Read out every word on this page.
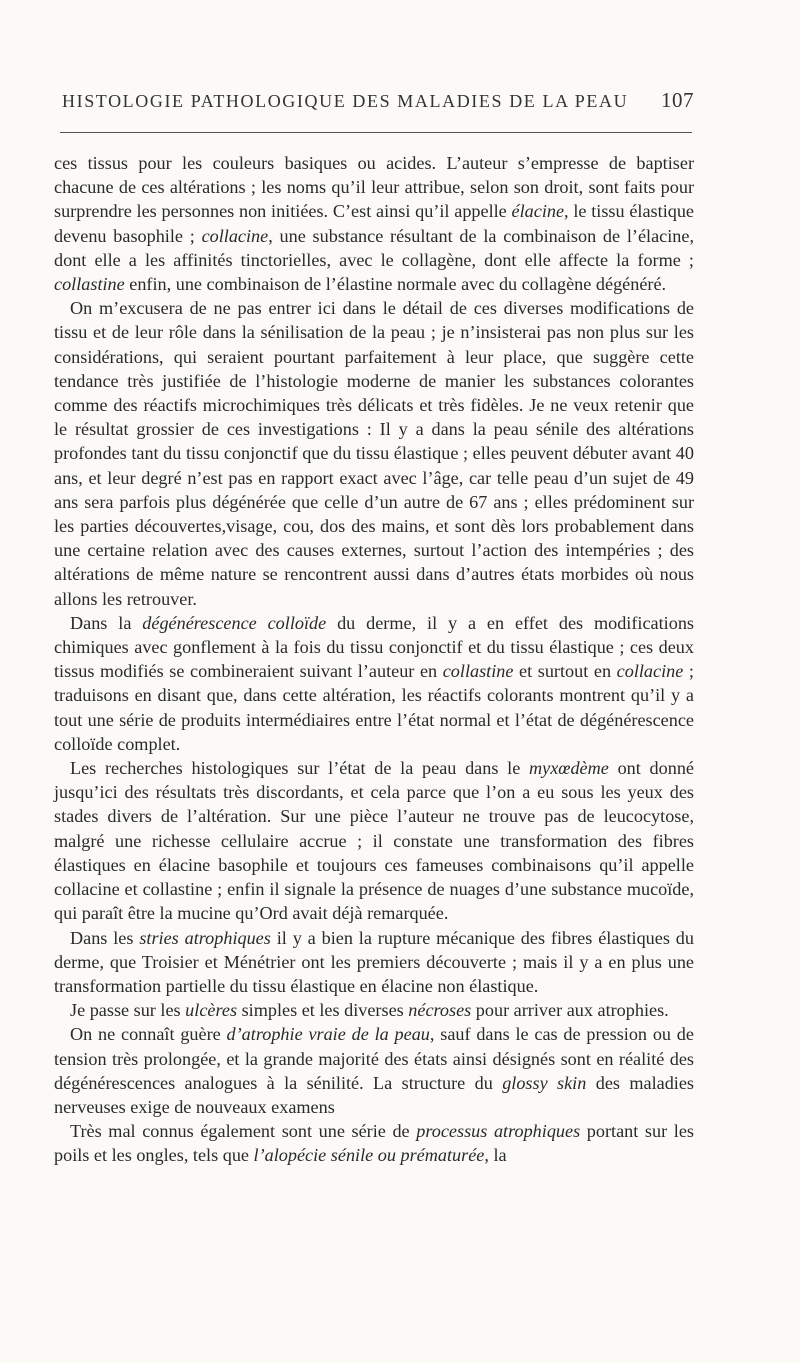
HISTOLOGIE PATHOLOGIQUE DES MALADIES DE LA PEAU 107

ces tissus pour les couleurs basiques ou acides. L’auteur s’empresse de baptiser chacune de ces altérations ; les noms qu’il leur attribue, selon son droit, sont faits pour surprendre les personnes non initiées. C’est ainsi qu’il appelle élacine, le tissu élastique devenu basophile ; collacine, une substance résultant de la combinaison de l’élacine, dont elle a les affinités tinctorielles, avec le collagène, dont elle affecte la forme ; collastine enfin, une combinaison de l’élastine normale avec du collagène dégénéré.

On m’excusera de ne pas entrer ici dans le détail de ces diverses modifications de tissu et de leur rôle dans la sénilisation de la peau ; je n’insisterai pas non plus sur les considérations, qui seraient pourtant parfaitement à leur place, que suggère cette tendance très justifiée de l’histologie moderne de manier les substances colorantes comme des réactifs microchimiques très délicats et très fidèles. Je ne veux retenir que le résultat grossier de ces investigations : Il y a dans la peau sénile des altérations profondes tant du tissu conjonctif que du tissu élastique ; elles peuvent débuter avant 40 ans, et leur degré n’est pas en rapport exact avec l’âge, car telle peau d’un sujet de 49 ans sera parfois plus dégénérée que celle d’un autre de 67 ans ; elles prédominent sur les parties découvertes,visage, cou, dos des mains, et sont dès lors probablement dans une certaine relation avec des causes externes, surtout l’action des intempéries ; des altérations de même nature se rencontrent aussi dans d’autres états morbides où nous allons les retrouver.

Dans la dégénérescence colloïde du derme, il y a en effet des modifications chimiques avec gonflement à la fois du tissu conjonctif et du tissu élastique ; ces deux tissus modifiés se combineraient suivant l’auteur en collastine et surtout en collacine ; traduisons en disant que, dans cette altération, les réactifs colorants montrent qu’il y a tout une série de produits intermédiaires entre l’état normal et l’état de dégénérescence colloïde complet.

Les recherches histologiques sur l’état de la peau dans le myxœdème ont donné jusqu’ici des résultats très discordants, et cela parce que l’on a eu sous les yeux des stades divers de l’altération. Sur une pièce l’auteur ne trouve pas de leucocytose, malgré une richesse cellulaire accrue ; il constate une transformation des fibres élastiques en élacine basophile et toujours ces fameuses combinaisons qu’il appelle collacine et collastine ; enfin il signale la présence de nuages d’une substance mucoïde, qui paraît être la mucine qu’Ord avait déjà remarquée.

Dans les stries atrophiques il y a bien la rupture mécanique des fibres élastiques du derme, que Troisier et Ménétrier ont les premiers découverte ; mais il y a en plus une transformation partielle du tissu élastique en élacine non élastique.

Je passe sur les ulcères simples et les diverses nécroses pour arriver aux atrophies.

On ne connaît guère d’atrophie vraie de la peau, sauf dans le cas de pression ou de tension très prolongée, et la grande majorité des états ainsi désignés sont en réalité des dégénérescences analogues à la sénilité. La structure du glossy skin des maladies nerveuses exige de nouveaux examens

Très mal connus également sont une série de processus atrophiques portant sur les poils et les ongles, tels que l’alopécie sénile ou prématurée, la
